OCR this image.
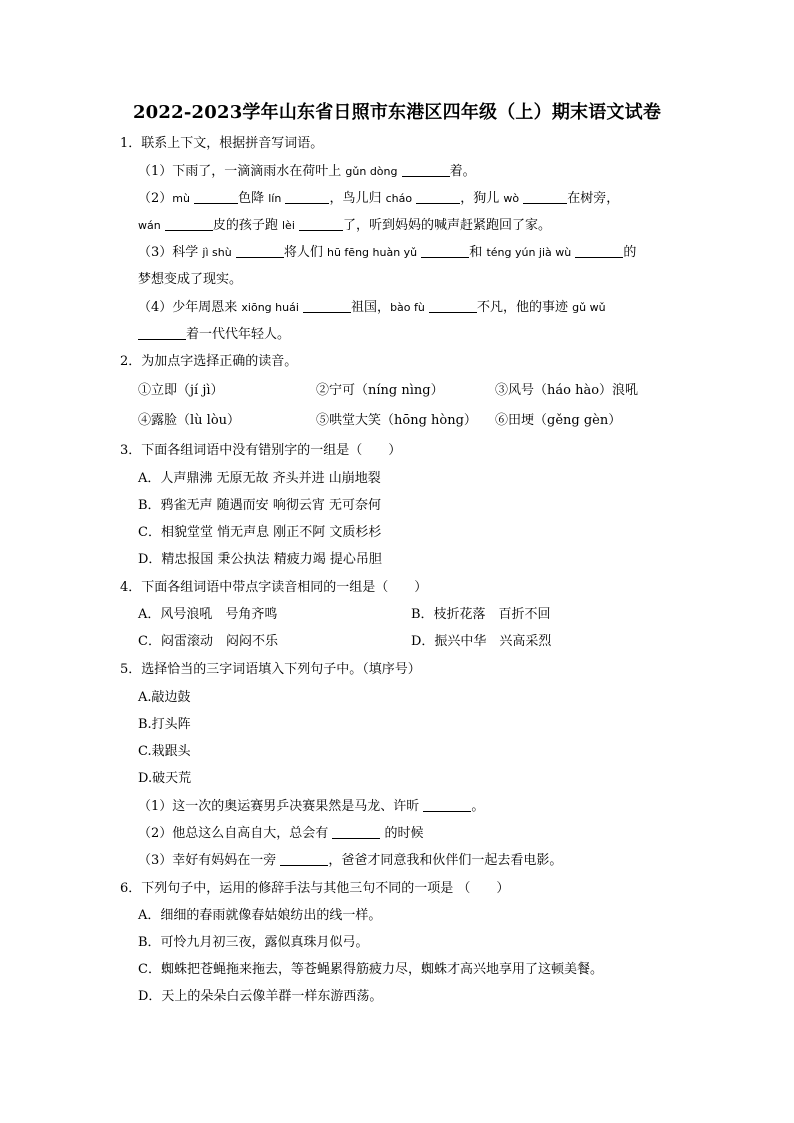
2022-2023学年山东省日照市东港区四年级（上）期末语文试卷
1．联系上下文，根据拼音写词语。
（1）下雨了，一滴滴雨水在荷叶上 gǔn dòng	着。
（2）mù	色降 lín	，鸟儿归 cháo	，狗儿 wò	在树旁，
wán	皮的孩子跑 lèi	了，听到妈妈的喊声赶紧跑回了家。
（3）科学 jì shù	将人们 hū fēng huàn yǔ	和 téng yún jià wù	的
梦想变成了现实。
（4）少年周恩来 xiōng huái	祖国，bào fù	不凡，他的事迹 gǔ wǔ
着一代代年轻人。
2．为加点字选择正确的读音。
①立即（jí jì）	②宁可（níng nìng）	③风号（háo hào）浪吼
④露脸（lù lòu）	⑤哄堂大笑（hōng hòng） ⑥田埂（gěng gèn）
3．下面各组词语中没有错别字的一组是（　　）
A．人声鼎沸 无原无故 齐头并进 山崩地裂
B．鸦雀无声 随遇而安 响彻云宵 无可奈何
C．相貌堂堂 悄无声息 刚正不阿 文质杉杉
D．精忠报国 秉公执法 精疲力竭 提心吊胆
4．下面各组词语中带点字读音相同的一组是（　　）
A．风号浪吼　号角齐鸣	B．枝折花落　百折不回
C．闷雷滚动　闷闷不乐	D．振兴中华　兴高采烈
5．选择恰当的三字词语填入下列句子中。（填序号）
A.敲边鼓
B.打头阵
C.栽跟头
D.破天荒
（1）这一次的奥运赛男乒决赛果然是马龙、许昕	。
（2）他总这么自高自大，总会有	的时候
（3）幸好有妈妈在一旁	，爸爸才同意我和伙伴们一起去看电影。
6．下列句子中，运用的修辞手法与其他三句不同的一项是 （　　）
A．细细的春雨就像春姑娘纺出的线一样。
B．可怜九月初三夜，露似真珠月似弓。
C．蜘蛛把苍蝇拖来拖去，等苍蝇累得筋疲力尽，蜘蛛才高兴地享用了这顿美餐。
D．天上的朵朵白云像羊群一样东游西荡。
